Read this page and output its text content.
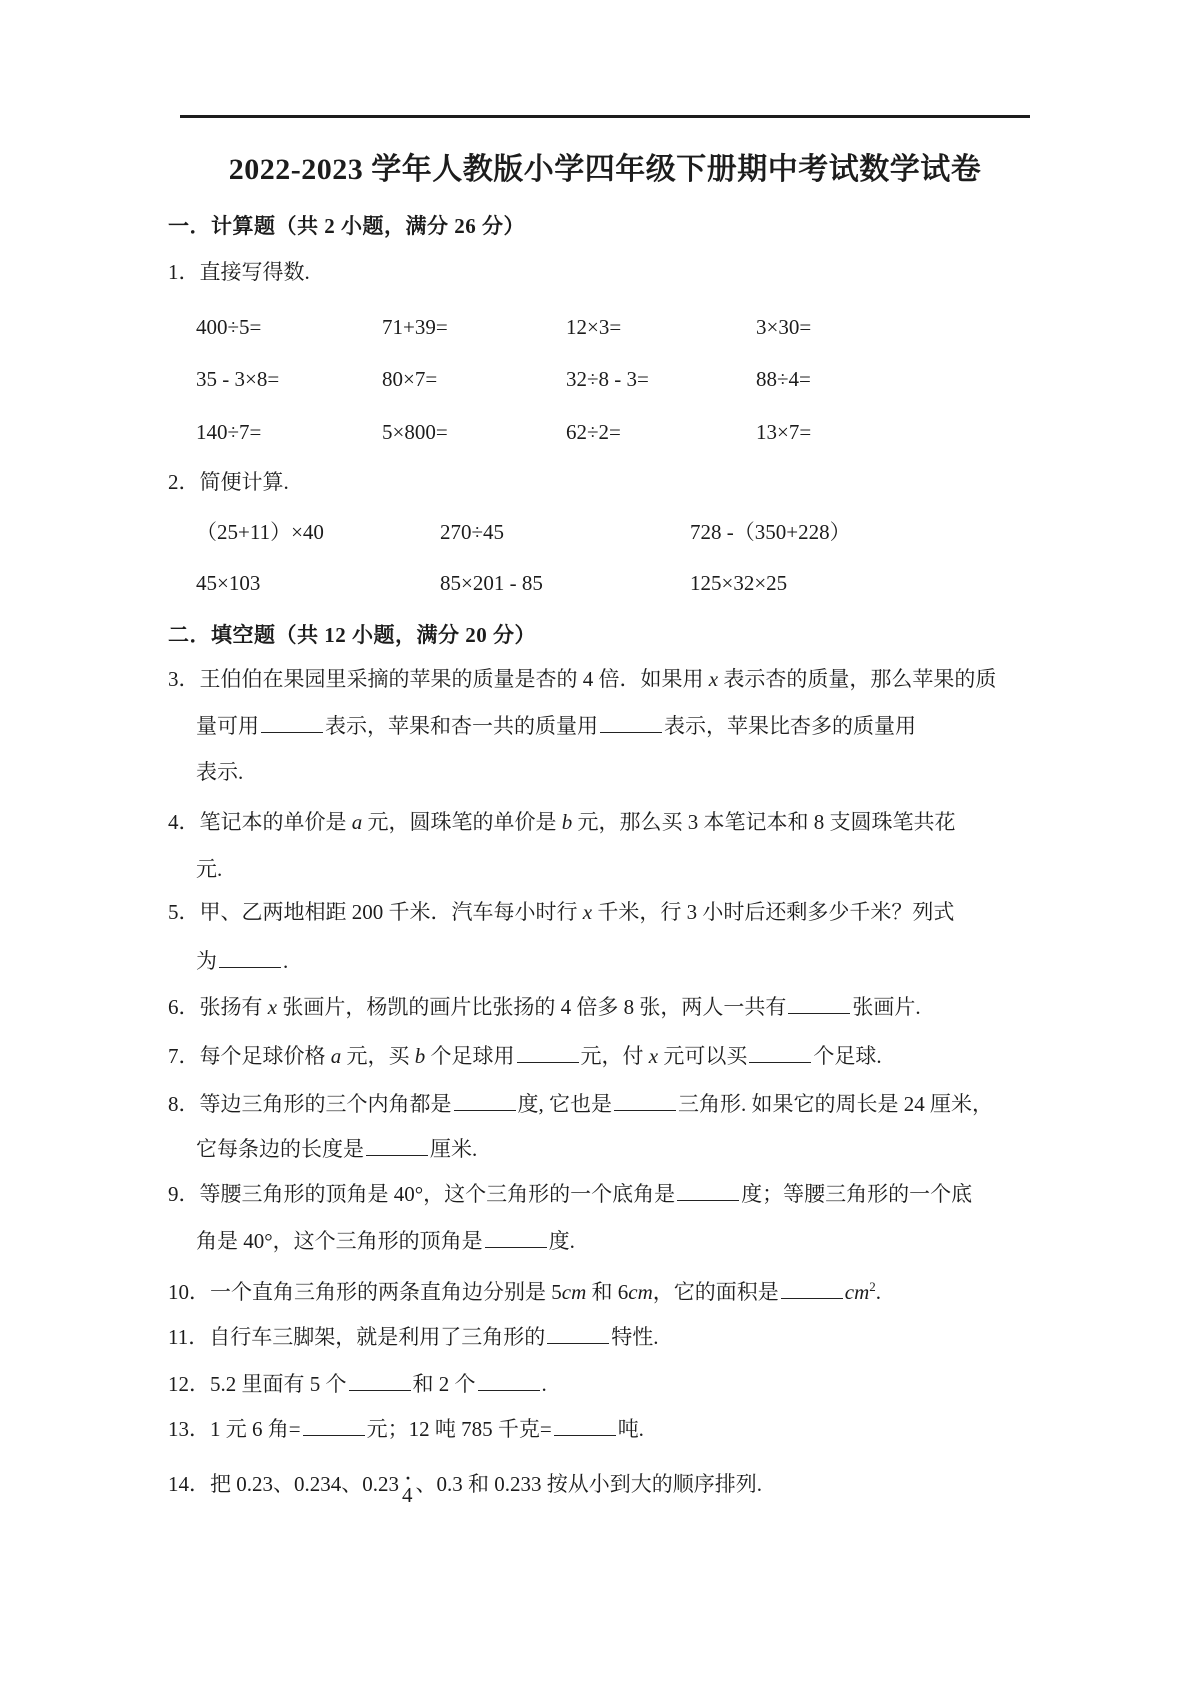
2022-2023 学年人教版小学四年级下册期中考试数学试卷
一．计算题（共 2 小题，满分 26 分）
1．直接写得数.
400÷5=	71+39=	12×3=	3×30=
35 - 3×8=	80×7=	32÷8 - 3=	88÷4=
140÷7=	5×800=	62÷2=	13×7=
2．简便计算.
（25+11）×40	270÷45	728 -（350+228）
45×103	85×201 - 85	125×32×25
二．填空题（共 12 小题，满分 20 分）
3．王伯伯在果园里采摘的苹果的质量是杏的 4 倍．如果用 x 表示杏的质量，那么苹果的质
量可用	表示，苹果和杏一共的质量用	表示，苹果比杏多的质量用
表示.
4．笔记本的单价是 a 元，圆珠笔的单价是 b 元，那么买 3 本笔记本和 8 支圆珠笔共花
元.
5．甲、乙两地相距 200 千米．汽车每小时行 x 千米，行 3 小时后还剩多少千米？列式
为	.
6．张扬有 x 张画片，杨凯的画片比张扬的 4 倍多 8 张，两人一共有	张画片.
7．每个足球价格 a 元，买 b 个足球用	元，付 x 元可以买	个足球.
8．等边三角形的三个内角都是	度, 它也是	三角形. 如果它的周长是 24 厘米，
它每条边的长度是	厘米.
9．等腰三角形的顶角是 40°，这个三角形的一个底角是	度；等腰三角形的一个底
角是 40°，这个三角形的顶角是	度.
10．一个直角三角形的两条直角边分别是 5cm 和 6cm，它的面积是	$cm^2$.
11．自行车三脚架，就是利用了三角形的	特性.
12．5.2 里面有 5 个	和 2 个	.
13．1 元 6 角=	元；12 吨 785 千克=	吨.
14．把 0.23、0.234、0.23 ·
4 、0.3 和 0.233 按从小到大的顺序排列.
